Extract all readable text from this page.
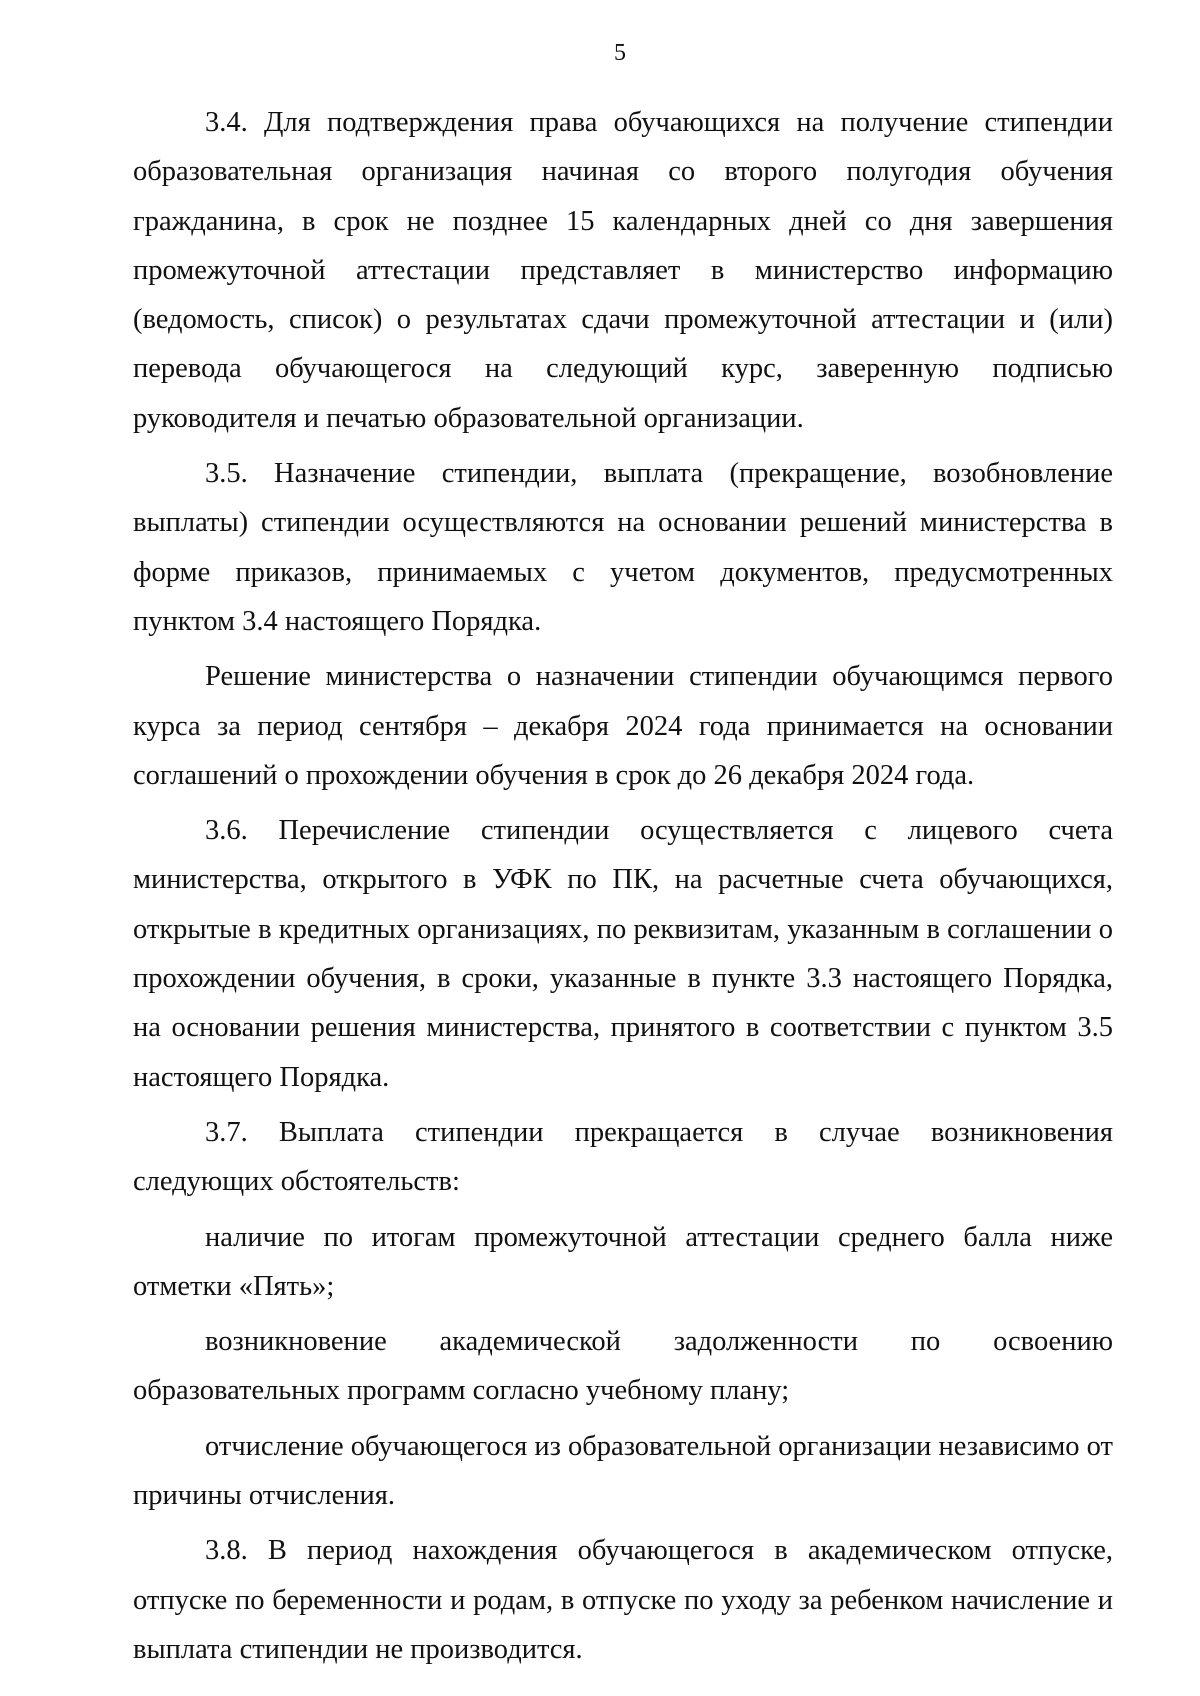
5

3.4. Для подтверждения права обучающихся на получение стипендии образовательная организация начиная со второго полугодия обучения гражданина, в срок не позднее 15 календарных дней со дня завершения промежуточной аттестации представляет в министерство информацию (ведомость, список) о результатах сдачи промежуточной аттестации и (или) перевода обучающегося на следующий курс, заверенную подписью руководителя и печатью образовательной организации.

3.5. Назначение стипендии, выплата (прекращение, возобновление выплаты) стипендии осуществляются на основании решений министерства в форме приказов, принимаемых с учетом документов, предусмотренных пунктом 3.4 настоящего Порядка.

Решение министерства о назначении стипендии обучающимся первого курса за период сентября – декабря 2024 года принимается на основании соглашений о прохождении обучения в срок до 26 декабря 2024 года.

3.6. Перечисление стипендии осуществляется с лицевого счета министерства, открытого в УФК по ПК, на расчетные счета обучающихся, открытые в кредитных организациях, по реквизитам, указанным в соглашении о прохождении обучения, в сроки, указанные в пункте 3.3 настоящего Порядка, на основании решения министерства, принятого в соответствии с пунктом 3.5 настоящего Порядка.

3.7. Выплата стипендии прекращается в случае возникновения следующих обстоятельств:

наличие по итогам промежуточной аттестации среднего балла ниже отметки «Пять»;

возникновение академической задолженности по освоению образовательных программ согласно учебному плану;

отчисление обучающегося из образовательной организации независимо от причины отчисления.

3.8. В период нахождения обучающегося в академическом отпуске, отпуске по беременности и родам, в отпуске по уходу за ребенком начисление и выплата стипендии не производится.
